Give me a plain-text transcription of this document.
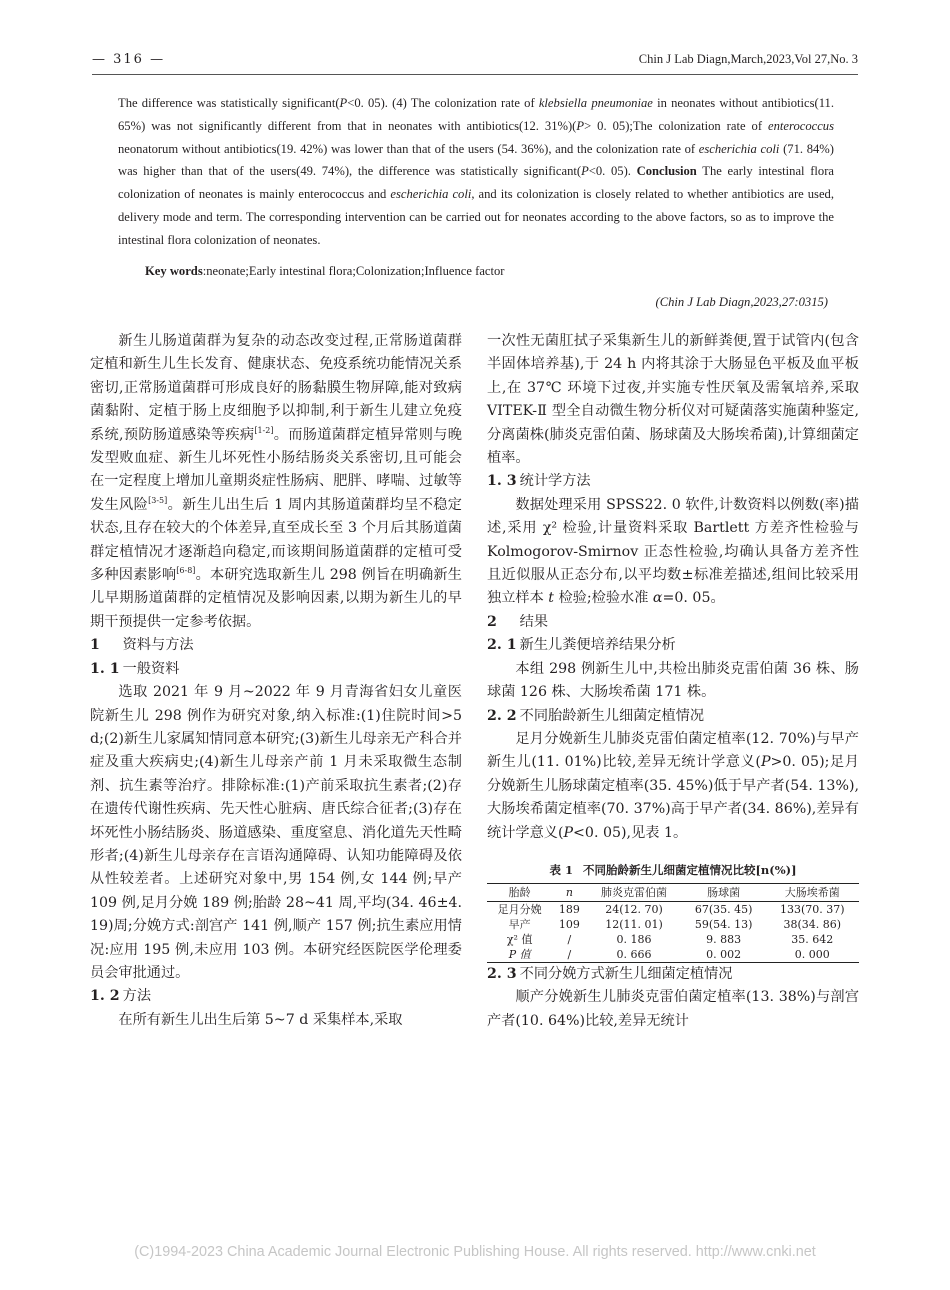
— 316 —	Chin J Lab Diagn,March,2023,Vol 27,No. 3

The difference was statistically significant(P<0. 05). (4) The colonization rate of klebsiella pneumoniae in neonates without antibiotics(11. 65%) was not significantly different from that in neonates with antibiotics(12. 31%)(P> 0. 05);The colonization rate of enterococcus neonatorum without antibiotics(19. 42%) was lower than that of the users (54. 36%), and the colonization rate of escherichia coli (71. 84%) was higher than that of the users(49. 74%), the difference was statistically significant(P<0. 05). Conclusion The early intestinal flora colonization of neonates is mainly enterococcus and escherichia coli, and its colonization is closely related to whether antibiotics are used, delivery mode and term. The corresponding intervention can be carried out for neonates according to the above factors, so as to improve the intestinal flora colonization of neonates.

Key words:neonate;Early intestinal flora;Colonization;Influence factor

(Chin J Lab Diagn,2023,27:0315)

新生儿肠道菌群为复杂的动态改变过程,正常肠道菌群定植和新生儿生长发育、健康状态、免疫系统功能情况关系密切,正常肠道菌群可形成良好的肠黏膜生物屏障,能对致病菌黏附、定植于肠上皮细胞予以抑制,利于新生儿建立免疫系统,预防肠道感染等疾病[1-2]。而肠道菌群定植异常则与晚发型败血症、新生儿坏死性小肠结肠炎关系密切,且可能会在一定程度上增加儿童期炎症性肠病、肥胖、哮喘、过敏等发生风险[3-5]。新生儿出生后 1 周内其肠道菌群均呈不稳定状态,且存在较大的个体差异,直至成长至 3 个月后其肠道菌群定植情况才逐渐趋向稳定,而该期间肠道菌群的定植可受多种因素影响[6-8]。本研究选取新生儿 298 例旨在明确新生儿早期肠道菌群的定植情况及影响因素,以期为新生儿的早期干预提供一定参考依据。

1 资料与方法
1. 1 一般资料

选取 2021 年 9 月~2022 年 9 月青海省妇女儿童医院新生儿 298 例作为研究对象,纳入标准:(1)住院时间>5 d;(2)新生儿家属知情同意本研究;(3)新生儿母亲无产科合并症及重大疾病史;(4)新生儿母亲产前 1 月未采取微生态制剂、抗生素等治疗。排除标准:(1)产前采取抗生素者;(2)存在遗传代谢性疾病、先天性心脏病、唐氏综合征者;(3)存在坏死性小肠结肠炎、肠道感染、重度窒息、消化道先天性畸形者;(4)新生儿母亲存在言语沟通障碍、认知功能障碍及依从性较差者。上述研究对象中,男 154 例,女 144 例;早产 109 例,足月分娩 189 例;胎龄 28~41 周,平均(34. 46±4. 19)周;分娩方式:剖宫产 141 例,顺产 157 例;抗生素应用情况:应用 195 例,未应用 103 例。本研究经医院医学伦理委员会审批通过。

1. 2 方法

在所有新生儿出生后第 5~7 d 采集样本,采取

一次性无菌肛拭子采集新生儿的新鲜粪便,置于试管内(包含半固体培养基),于 24 h 内将其涂于大肠显色平板及血平板上,在 37℃ 环境下过夜,并实施专性厌氧及需氧培养,采取 VITEK-Ⅱ 型全自动微生物分析仪对可疑菌落实施菌种鉴定,分离菌株(肺炎克雷伯菌、肠球菌及大肠埃希菌),计算细菌定植率。

1. 3 统计学方法

数据处理采用 SPSS22. 0 软件,计数资料以例数(率)描述,采用 χ² 检验,计量资料采取 Bartlett 方差齐性检验与 Kolmogorov-Smirnov 正态性检验,均确认具备方差齐性且近似服从正态分布,以平均数±标准差描述,组间比较采用独立样本 t 检验;检验水准 α=0. 05。

2 结果
2. 1 新生儿粪便培养结果分析

本组 298 例新生儿中,共检出肺炎克雷伯菌 36 株、肠球菌 126 株、大肠埃希菌 171 株。

2. 2 不同胎龄新生儿细菌定植情况

足月分娩新生儿肺炎克雷伯菌定植率(12. 70%)与早产新生儿(11. 01%)比较,差异无统计学意义(P>0. 05);足月分娩新生儿肠球菌定植率(35. 45%)低于早产者(54. 13%),大肠埃希菌定植率(70. 37%)高于早产者(34. 86%),差异有统计学意义(P<0. 05),见表 1。

表 1 不同胎龄新生儿细菌定植情况比较[n(%)]
胎龄	n	肺炎克雷伯菌	肠球菌	大肠埃希菌
足月分娩	189	24(12. 70)	67(35. 45)	133(70. 37)
早产	109	12(11. 01)	59(54. 13)	38(34. 86)
χ² 值	/	0. 186	9. 883	35. 642
P 值	/	0. 666	0. 002	0. 000
2. 3 不同分娩方式新生儿细菌定植情况

顺产分娩新生儿肺炎克雷伯菌定植率(13. 38%)与剖宫产者(10. 64%)比较,差异无统计

(C)1994-2023 China Academic Journal Electronic Publishing House. All rights reserved. http://www.cnki.net
